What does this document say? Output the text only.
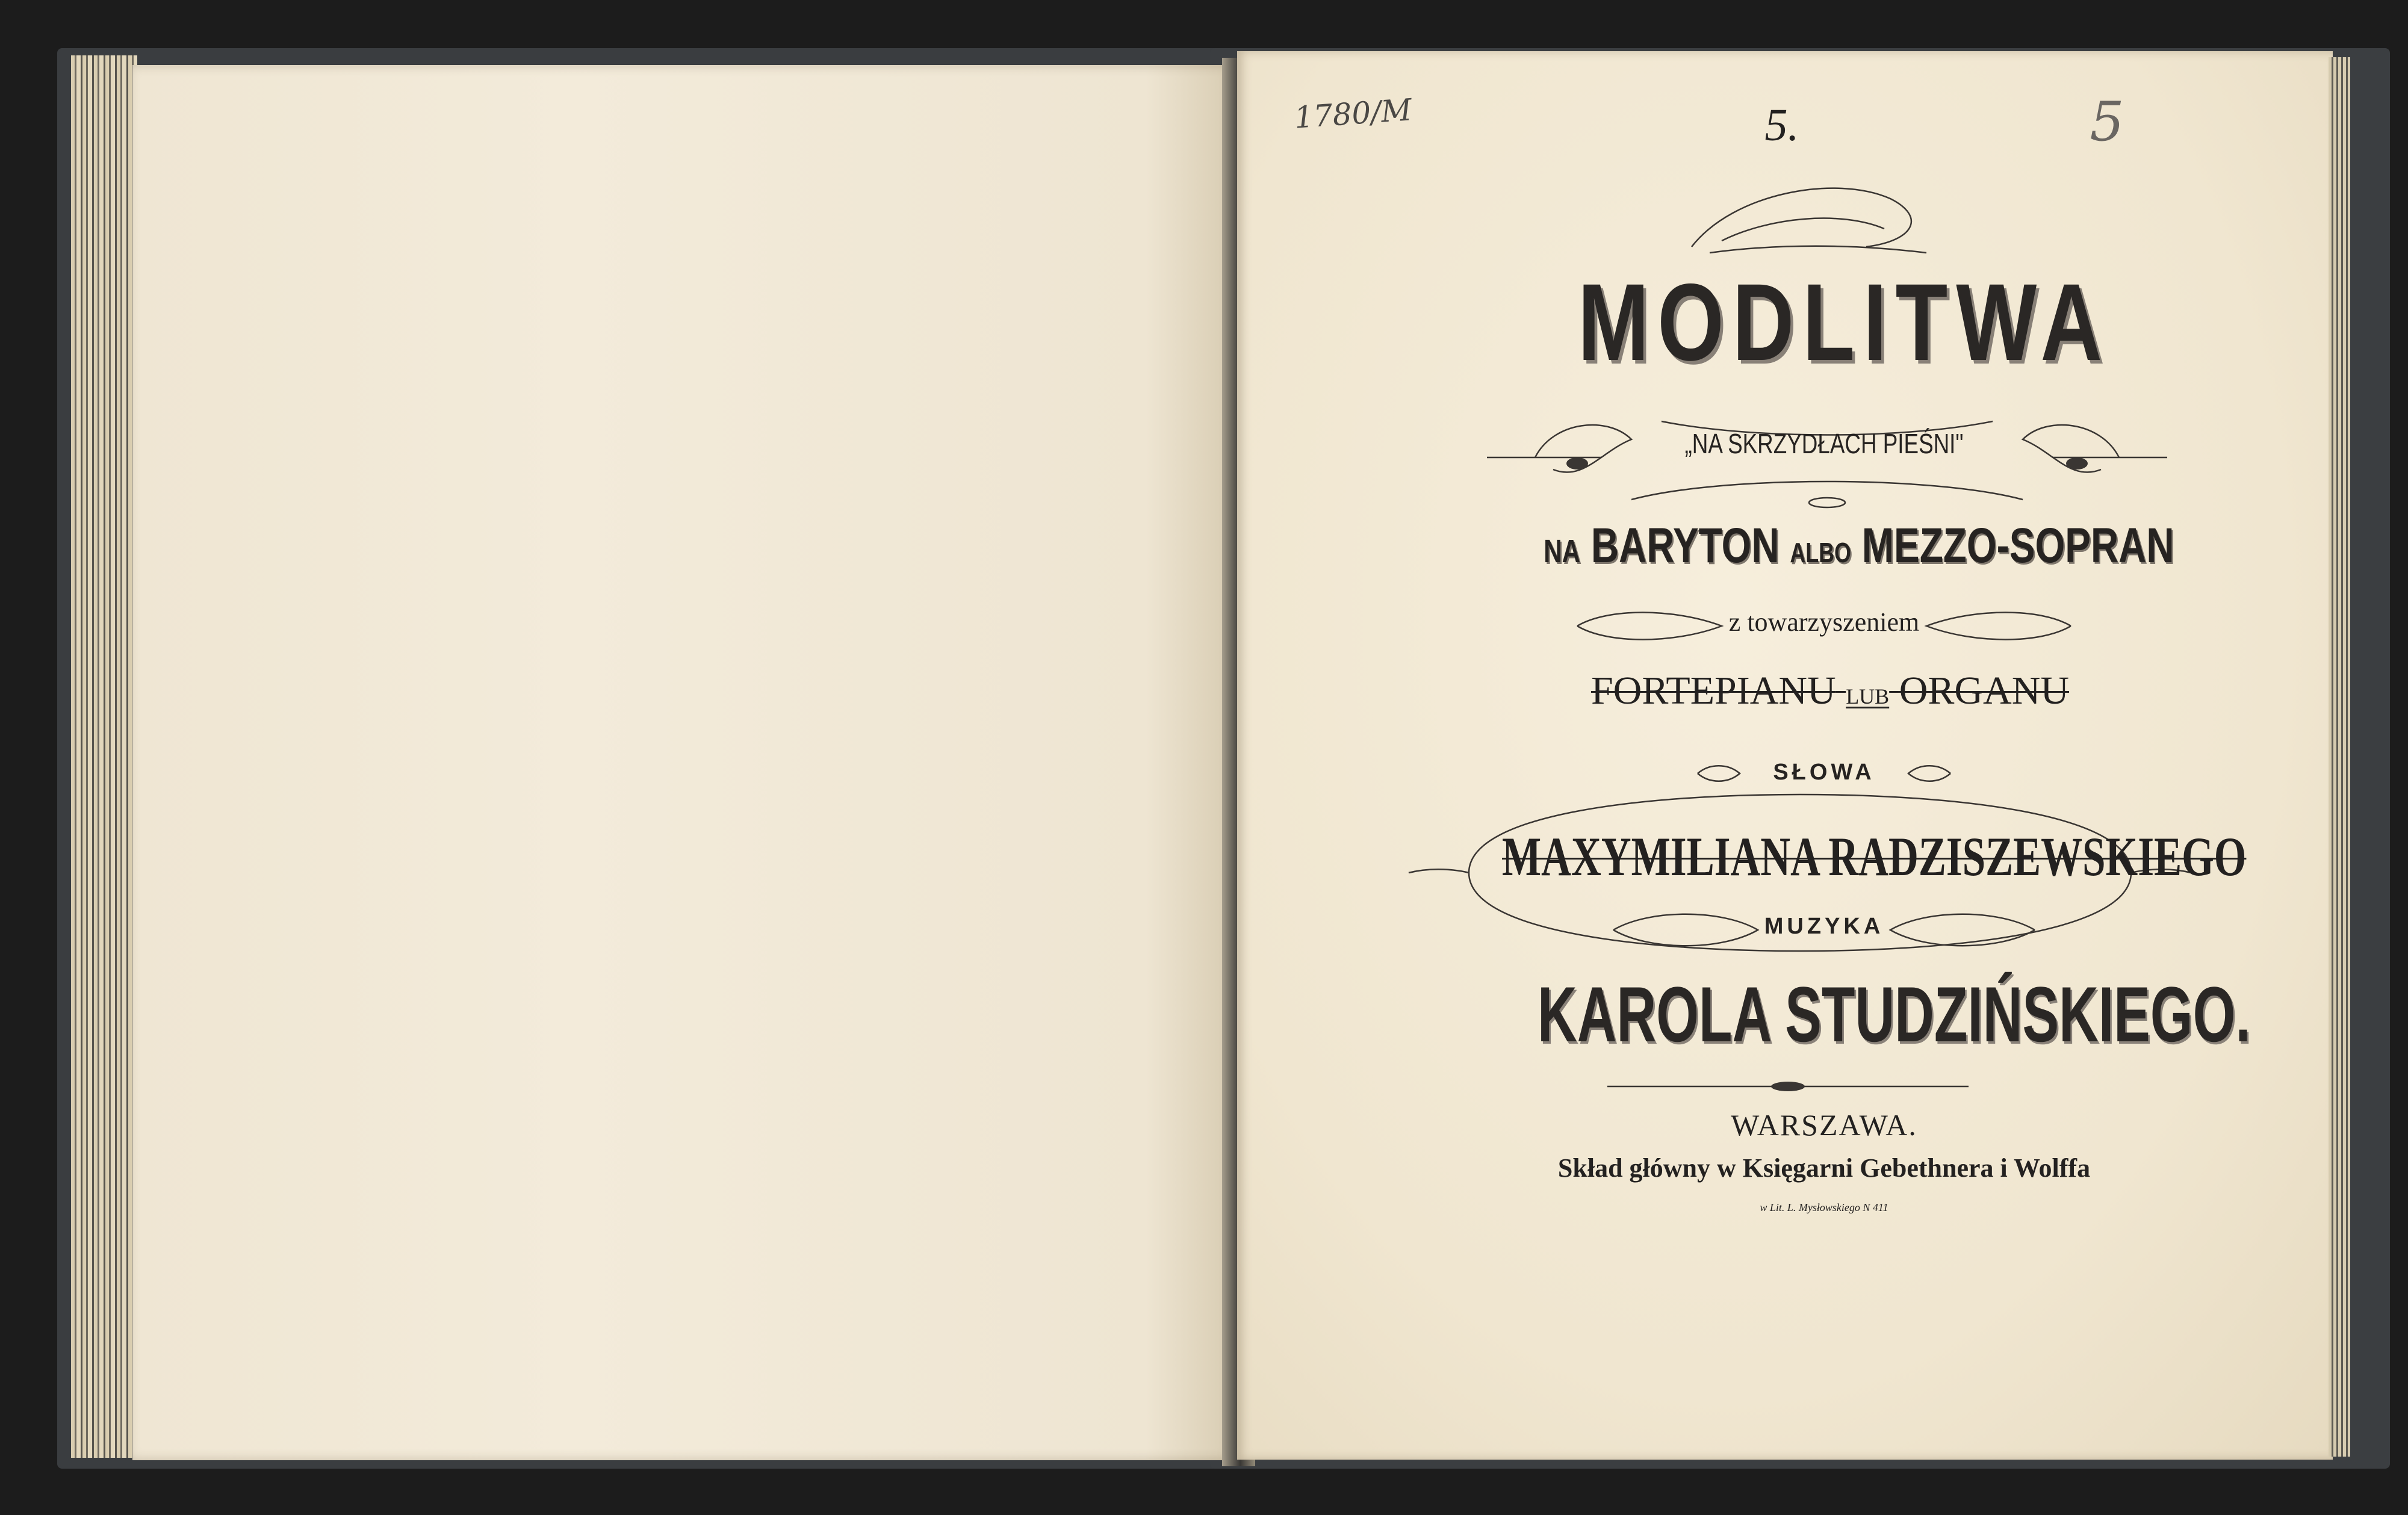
1780/M	5.	5
MODLITWA
„NA SKRZYDŁACH PIEŚNI"
NA BARYTON ALBO MEZZO-SOPRAN
z towarzyszeniem
FORTEPIANU LUB ORGANU
SŁOWA
MAXYMILIANA RADZISZEWSKIEGO
MUZYKA
KAROLA STUDZIŃSKIEGO.
WARSZAWA.
Skład główny w Księgarni Gebethnera i Wolffa
w Lit. L. Mysłowskiego N 411
